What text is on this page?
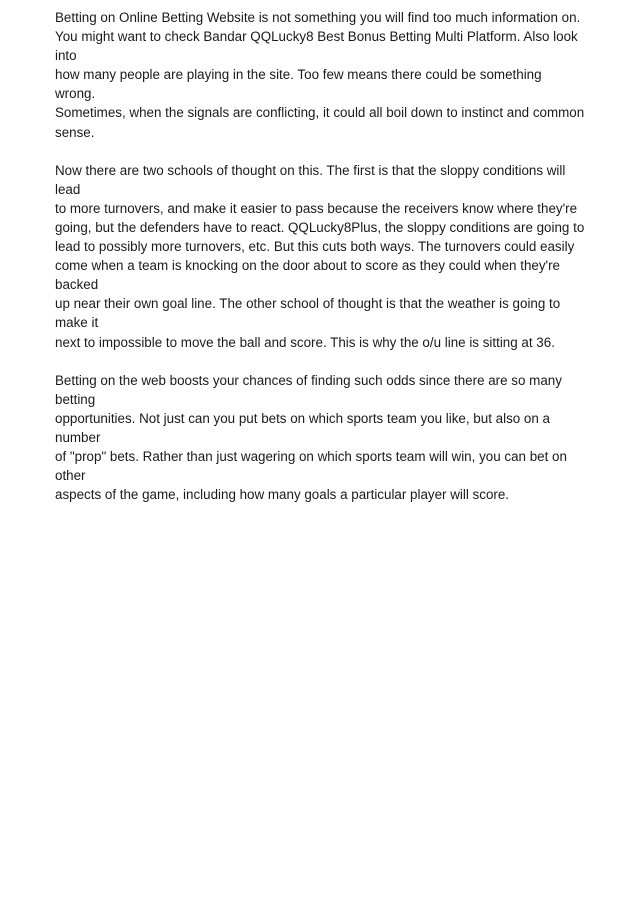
Betting on Online Betting Website is not something you will find too much information on.
You might want to check Bandar QQLucky8 Best Bonus Betting Multi Platform. Also look into
how many people are playing in the site. Too few means there could be something wrong.
Sometimes, when the signals are conflicting, it could all boil down to instinct and common
sense.

Now there are two schools of thought on this. The first is that the sloppy conditions will lead
to more turnovers, and make it easier to pass because the receivers know where they're
going, but the defenders have to react. QQLucky8Plus, the sloppy conditions are going to
lead to possibly more turnovers, etc. But this cuts both ways. The turnovers could easily
come when a team is knocking on the door about to score as they could when they're backed
up near their own goal line. The other school of thought is that the weather is going to make it
next to impossible to move the ball and score. This is why the o/u line is sitting at 36.

Betting on the web boosts your chances of finding such odds since there are so many betting
opportunities. Not just can you put bets on which sports team you like, but also on a number
of "prop" bets. Rather than just wagering on which sports team will win, you can bet on other
aspects of the game, including how many goals a particular player will score.
